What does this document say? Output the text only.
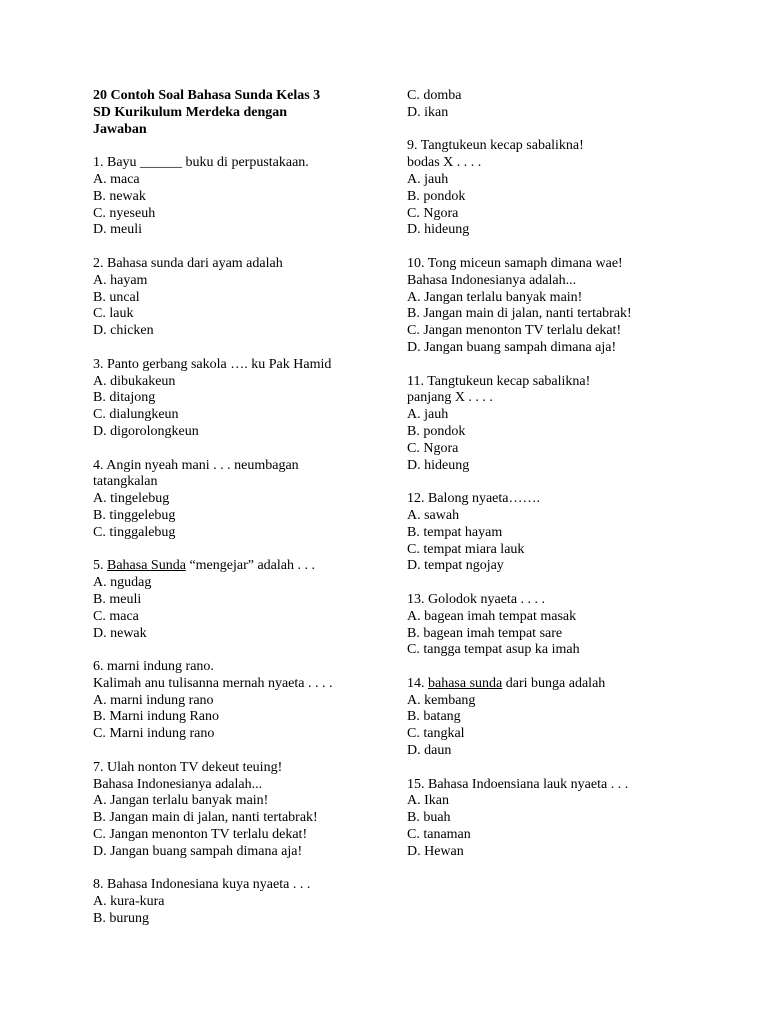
20 Contoh Soal Bahasa Sunda Kelas 3
SD Kurikulum Merdeka dengan
Jawaban
1. Bayu ______ buku di perpustakaan.
A. maca
B. newak
C. nyeseuh
D. meuli
2. Bahasa sunda dari ayam adalah
A. hayam
B. uncal
C. lauk
D. chicken
3. Panto gerbang sakola …. ku Pak Hamid
A. dibukakeun
B. ditajong
C. dialungkeun
D. digorolongkeun
4. Angin nyeah mani . . . neumbagan
tatangkalan
A. tingelebug
B. tinggelebug
C. tinggalebug
5. Bahasa Sunda “mengejar” adalah . . .
A. ngudag
B. meuli
C. maca
D. newak
6. marni indung rano.
Kalimah anu tulisanna mernah nyaeta . . . .
A. marni indung rano
B. Marni indung Rano
C. Marni indung rano
7. Ulah nonton TV dekeut teuing!
Bahasa Indonesianya adalah...
A. Jangan terlalu banyak main!
B. Jangan main di jalan, nanti tertabrak!
C. Jangan menonton TV terlalu dekat!
D. Jangan buang sampah dimana aja!
8. Bahasa Indonesiana kuya nyaeta . . .
A. kura-kura
B. burung
C. domba
D. ikan
9. Tangtukeun kecap sabalikna!
bodas X . . . .
A. jauh
B. pondok
C. Ngora
D. hideung
10. Tong miceun samaph dimana wae!
Bahasa Indonesianya adalah...
A. Jangan terlalu banyak main!
B. Jangan main di jalan, nanti tertabrak!
C. Jangan menonton TV terlalu dekat!
D. Jangan buang sampah dimana aja!
11. Tangtukeun kecap sabalikna!
panjang X . . . .
A. jauh
B. pondok
C. Ngora
D. hideung
12. Balong nyaeta…….
A. sawah
B. tempat hayam
C. tempat miara lauk
D. tempat ngojay
13. Golodok nyaeta . . . .
A. bagean imah tempat masak
B. bagean imah tempat sare
C. tangga tempat asup ka imah
14. bahasa sunda dari bunga adalah
A. kembang
B. batang
C. tangkal
D. daun
15. Bahasa Indoensiana lauk nyaeta . . .
A. Ikan
B. buah
C. tanaman
D. Hewan
